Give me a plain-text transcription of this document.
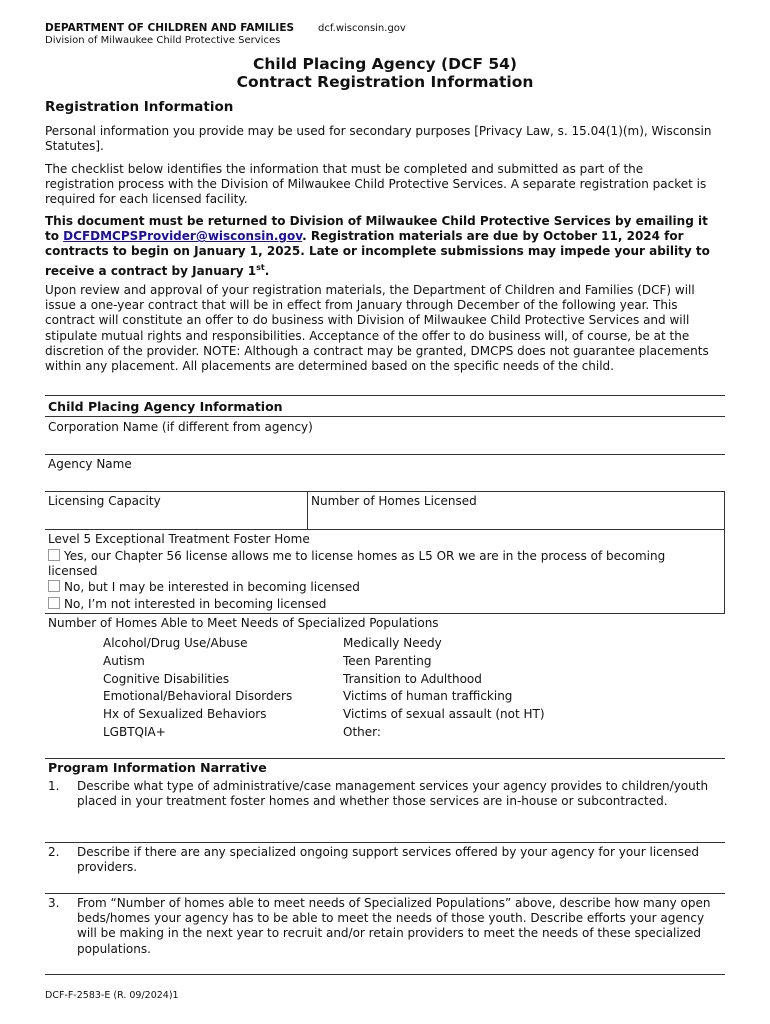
DEPARTMENT OF CHILDREN AND FAMILIES
Division of Milwaukee Child Protective Services
dcf.wisconsin.gov
Child Placing Agency (DCF 54)
Contract Registration Information
Registration Information
Personal information you provide may be used for secondary purposes [Privacy Law, s. 15.04(1)(m), Wisconsin Statutes].
The checklist below identifies the information that must be completed and submitted as part of the registration process with the Division of Milwaukee Child Protective Services. A separate registration packet is required for each licensed facility.
This document must be returned to Division of Milwaukee Child Protective Services by emailing it to DCFDMCPSProvider@wisconsin.gov. Registration materials are due by October 11, 2024 for contracts to begin on January 1, 2025. Late or incomplete submissions may impede your ability to receive a contract by January 1st.
Upon review and approval of your registration materials, the Department of Children and Families (DCF) will issue a one-year contract that will be in effect from January through December of the following year. This contract will constitute an offer to do business with Division of Milwaukee Child Protective Services and will stipulate mutual rights and responsibilities. Acceptance of the offer to do business will, of course, be at the discretion of the provider. NOTE: Although a contract may be granted, DMCPS does not guarantee placements within any placement. All placements are determined based on the specific needs of the child.
Child Placing Agency Information
Corporation Name (if different from agency)
Agency Name
Licensing Capacity	Number of Homes Licensed
Level 5 Exceptional Treatment Foster Home
Yes, our Chapter 56 license allows me to license homes as L5 OR we are in the process of becoming
licensed
No, but I may be interested in becoming licensed
No, I’m not interested in becoming licensed
Number of Homes Able to Meet Needs of Specialized Populations
Alcohol/Drug Use/Abuse
Autism
Cognitive Disabilities
Emotional/Behavioral Disorders
Hx of Sexualized Behaviors
LGBTQIA+
Medically Needy
Teen Parenting
Transition to Adulthood
Victims of human trafficking
Victims of sexual assault (not HT)
Other:
Program Information Narrative
1. Describe what type of administrative/case management services your agency provides to children/youth placed in your treatment foster homes and whether those services are in-house or subcontracted.
2. Describe if there are any specialized ongoing support services offered by your agency for your licensed providers.
3. From “Number of homes able to meet needs of Specialized Populations” above, describe how many open beds/homes your agency has to be able to meet the needs of those youth. Describe efforts your agency will be making in the next year to recruit and/or retain providers to meet the needs of these specialized populations.
DCF-F-2583-E (R. 09/2024)1
